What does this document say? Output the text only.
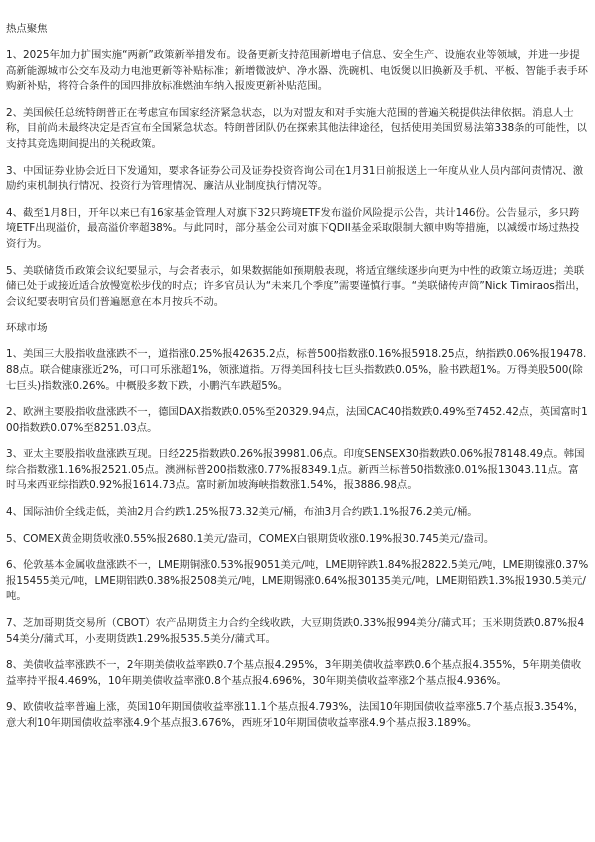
热点聚焦

1、2025年加力扩围实施“两新”政策新举措发布。设备更新支持范围新增电子信息、安全生产、设施农业等领域，并进一步提高新能源城市公交车及动力电池更新等补贴标准；新增微波炉、净水器、洗碗机、电饭煲以旧换新及手机、平板、智能手表手环购新补贴，将符合条件的国四排放标准燃油车纳入报废更新补贴范围。

2、美国候任总统特朗普正在考虑宣布国家经济紧急状态，以为对盟友和对手实施大范围的普遍关税提供法律依据。消息人士称，目前尚未最终决定是否宣布全国紧急状态。特朗普团队仍在探索其他法律途径，包括使用美国贸易法第338条的可能性，以支持其竞选期间提出的关税政策。

3、中国证券业协会近日下发通知，要求各证券公司及证券投资咨询公司在1月31日前报送上一年度从业人员内部问责情况、激励约束机制执行情况、投资行为管理情况、廉洁从业制度执行情况等。

4、截至1月8日，开年以来已有16家基金管理人对旗下32只跨境ETF发布溢价风险提示公告，共计146份。公告显示，多只跨境ETF出现溢价，最高溢价率超38%。与此同时，部分基金公司对旗下QDII基金采取限制大额申购等措施，以减缓市场过热投资行为。

5、美联储货币政策会议纪要显示，与会者表示，如果数据能如预期般表现，将适宜继续逐步向更为中性的政策立场迈进；美联储已处于或接近适合放慢宽松步伐的时点；许多官员认为“未来几个季度”需要谨慎行事。“美联储传声筒”Nick Timiraos指出，会议纪要表明官员们普遍愿意在本月按兵不动。

环球市场

1、美国三大股指收盘涨跌不一，道指涨0.25%报42635.2点，标普500指数涨0.16%报5918.25点，纳指跌0.06%报19478.88点。联合健康涨近2%，可口可乐涨超1%，领涨道指。万得美国科技七巨头指数跌0.05%，脸书跌超1%。万得美股500(除七巨头)指数涨0.26%。中概股多数下跌，小鹏汽车跌超5%。

2、欧洲主要股指收盘涨跌不一，德国DAX指数跌0.05%至20329.94点，法国CAC40指数跌0.49%至7452.42点，英国富时100指数跌0.07%至8251.03点。

3、亚太主要股指收盘涨跌互现。日经225指数跌0.26%报39981.06点。印度SENSEX30指数跌0.06%报78148.49点。韩国综合指数涨1.16%报2521.05点。澳洲标普200指数涨0.77%报8349.1点。新西兰标普50指数涨0.01%报13043.11点。富时马来西亚综指跌0.92%报1614.73点。富时新加坡海峡指数涨1.54%，报3886.98点。

4、国际油价全线走低，美油2月合约跌1.25%报73.32美元/桶，布油3月合约跌1.1%报76.2美元/桶。

5、COMEX黄金期货收涨0.55%报2680.1美元/盎司，COMEX白银期货收涨0.19%报30.745美元/盎司。

6、伦敦基本金属收盘涨跌不一，LME期铜涨0.53%报9051美元/吨，LME期锌跌1.84%报2822.5美元/吨，LME期镍涨0.37%报15455美元/吨，LME期铝跌0.38%报2508美元/吨，LME期锡涨0.64%报30135美元/吨，LME期铅跌1.3%报1930.5美元/吨。

7、芝加哥期货交易所（CBOT）农产品期货主力合约全线收跌，大豆期货跌0.33%报994美分/蒲式耳；玉米期货跌0.87%报454美分/蒲式耳，小麦期货跌1.29%报535.5美分/蒲式耳。

8、美债收益率涨跌不一，2年期美债收益率跌0.7个基点报4.295%，3年期美债收益率跌0.6个基点报4.355%，5年期美债收益率持平报4.469%，10年期美债收益率涨0.8个基点报4.696%，30年期美债收益率涨2个基点报4.936%。

9、欧债收益率普遍上涨，英国10年期国债收益率涨11.1个基点报4.793%，法国10年期国债收益率涨5.7个基点报3.354%，意大利10年期国债收益率涨4.9个基点报3.676%，西班牙10年期国债收益率涨4.9个基点报3.189%。
